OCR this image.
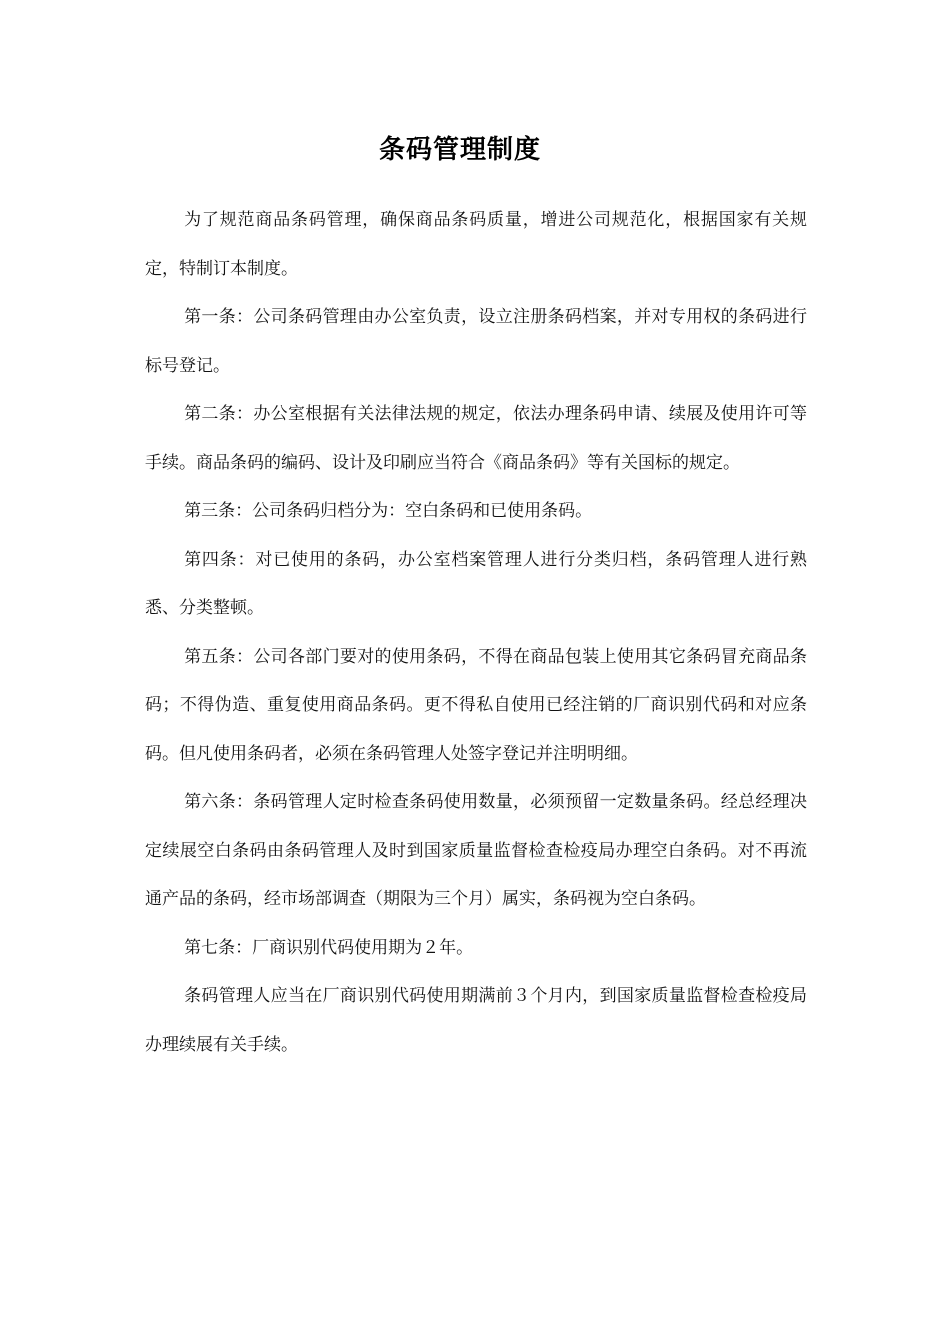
条码管理制度

为了规范商品条码管理，确保商品条码质量，增进公司规范化，根据国家有关规定，特制订本制度。

第一条：公司条码管理由办公室负责，设立注册条码档案，并对专用权的条码进行标号登记。

第二条：办公室根据有关法律法规的规定，依法办理条码申请、续展及使用许可等手续。商品条码的编码、设计及印刷应当符合《商品条码》等有关国标的规定。

第三条：公司条码归档分为：空白条码和已使用条码。

第四条：对已使用的条码，办公室档案管理人进行分类归档，条码管理人进行熟悉、分类整顿。

第五条：公司各部门要对的使用条码，不得在商品包装上使用其它条码冒充商品条码；不得伪造、重复使用商品条码。更不得私自使用已经注销的厂商识别代码和对应条码。但凡使用条码者，必须在条码管理人处签字登记并注明明细。

第六条：条码管理人定时检查条码使用数量，必须预留一定数量条码。经总经理决定续展空白条码由条码管理人及时到国家质量监督检查检疫局办理空白条码。对不再流通产品的条码，经市场部调查（期限为三个月）属实，条码视为空白条码。

第七条：厂商识别代码使用期为２年。

条码管理人应当在厂商识别代码使用期满前３个月内，到国家质量监督检查检疫局办理续展有关手续。
